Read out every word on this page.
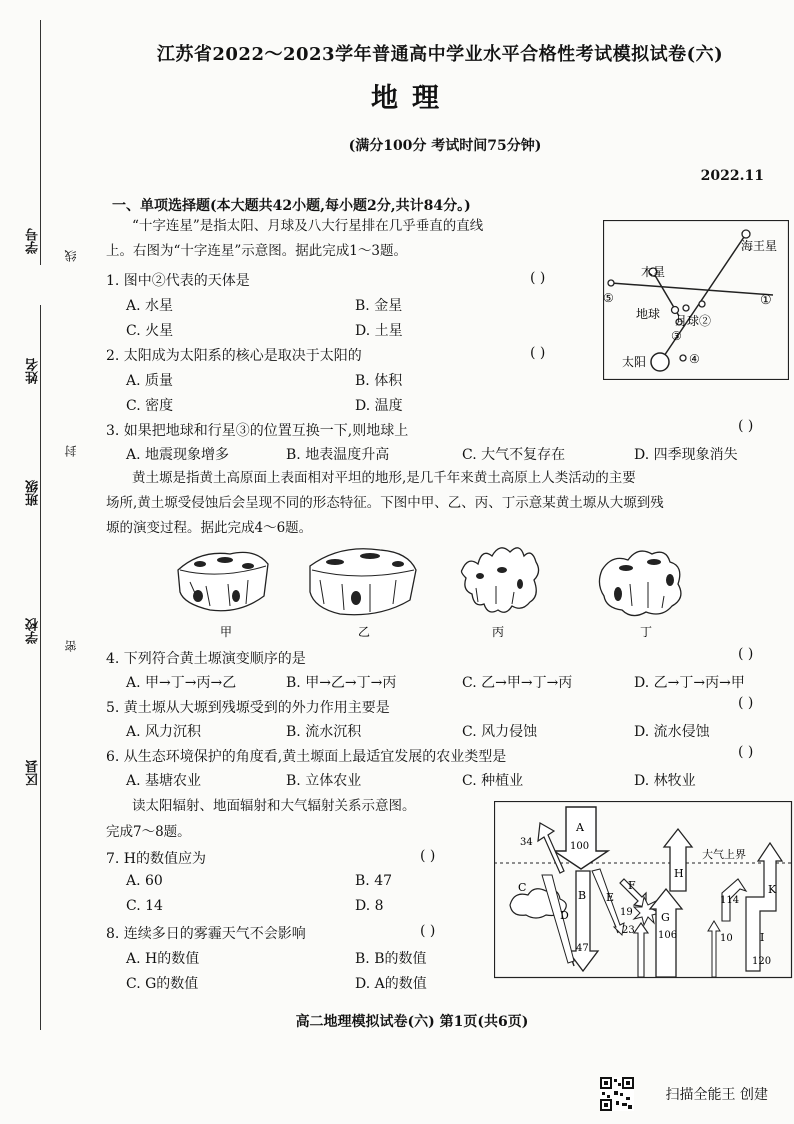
学号
线
姓名
封
班级
学校
密
区县
江苏省2022～2023学年普通高中学业水平合格性考试模拟试卷(六)
地理
(满分100分 考试时间75分钟)
2022.11
一、单项选择题(本大题共42小题,每小题2分,共计84分。)
“十字连星”是指太阳、月球及八大行星排在几乎垂直的直线
上。右图为“十字连星”示意图。据此完成1～3题。	海王星
木星
⑤	①
地球 月球②
③
太阳	④
1. 图中②代表的天体是	( )
A. 水星	B. 金星
C. 火星	D. 土星
2. 太阳成为太阳系的核心是取决于太阳的	( )
A. 质量	B. 体积
C. 密度	D. 温度
3. 如果把地球和行星③的位置互换一下,则地球上	( )
A. 地震现象增多	B. 地表温度升高	C. 大气不复存在	D. 四季现象消失
黄土塬是指黄土高原面上表面相对平坦的地形,是几千年来黄土高原上人类活动的主要
场所,黄土塬受侵蚀后会呈现不同的形态特征。下图中甲、乙、丙、丁示意某黄土塬从大塬到残
塬的演变过程。据此完成4～6题。
甲	乙	丙	丁
4. 下列符合黄土塬演变顺序的是	( )
A. 甲→丁→丙→乙	B. 甲→乙→丁→丙	C. 乙→甲→丁→丙	D. 乙→丁→丙→甲
5. 黄土塬从大塬到残塬受到的外力作用主要是	( )
A. 风力沉积	B. 流水沉积	C. 风力侵蚀	D. 流水侵蚀
6. 从生态环境保护的角度看,黄土塬面上最适宜发展的农业类型是	( )
A. 基塘农业	B. 立体农业	C. 种植业	D. 林牧业
读太阳辐射、地面辐射和大气辐射关系示意图。
完成7～8题。
大气上界
A
100
B
47
34
C
D
E
F
19
23
G
106
H
10
114
K
I
120
7. H的数值应为	( )
A. 60	B. 47
C. 14	D. 8
8. 连续多日的雾霾天气不会影响	( )
A. H的数值	B. B的数值
C. G的数值	D. A的数值
高二地理模拟试卷(六) 第1页(共6页)
扫描全能王 创建
